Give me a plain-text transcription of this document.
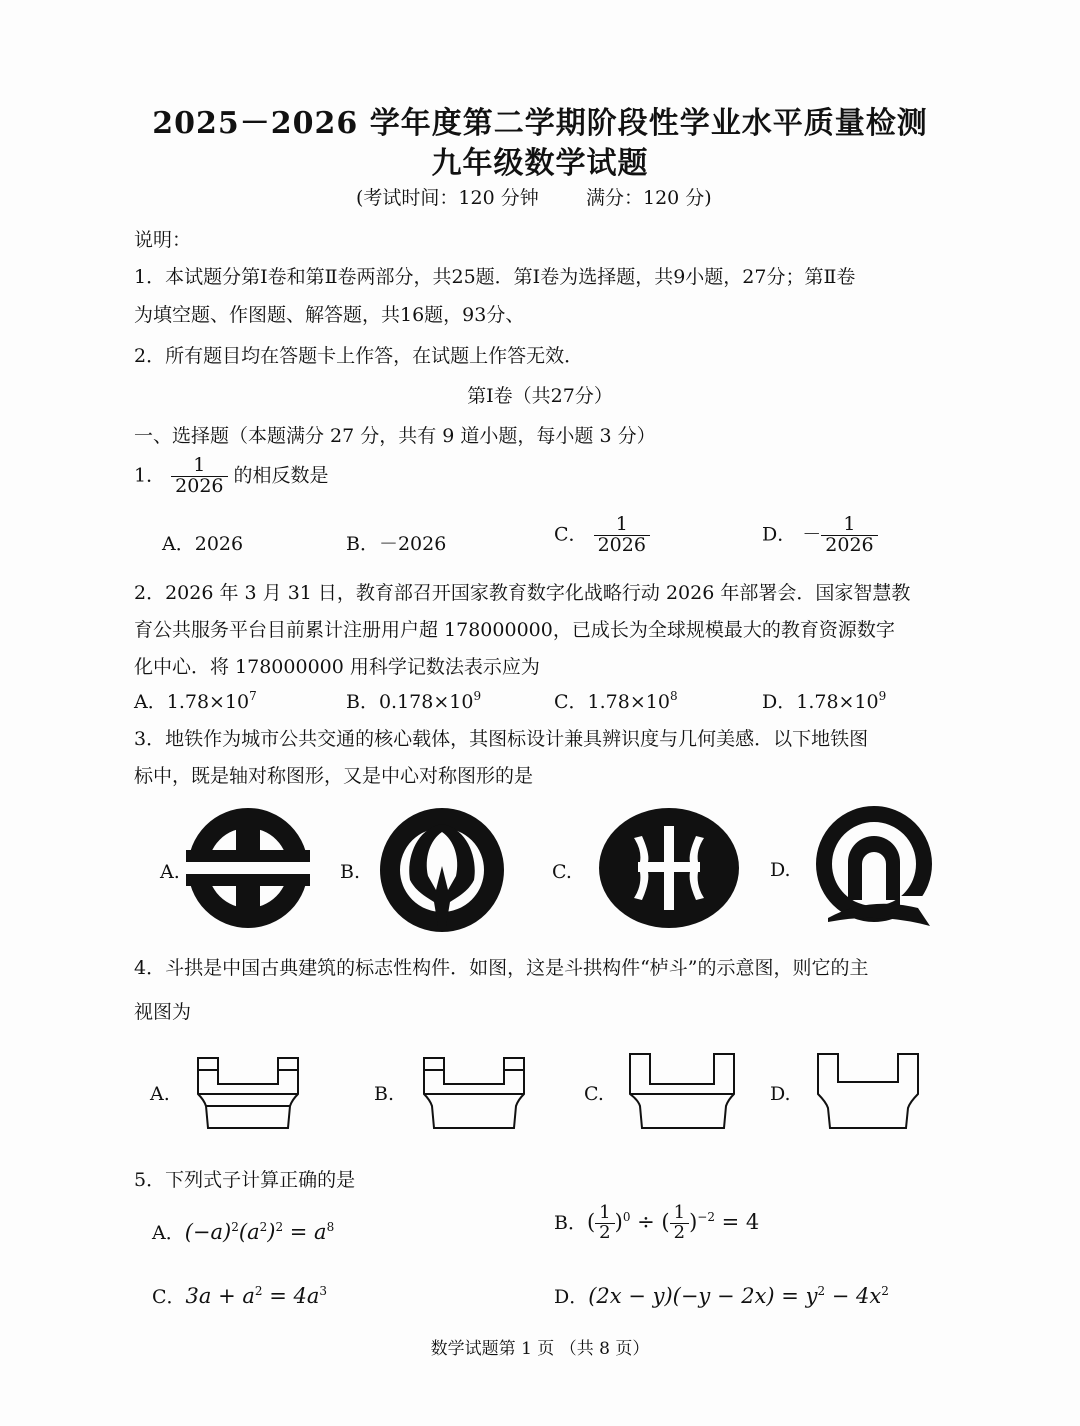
2025－2026 学年度第二学期阶段性学业水平质量检测
九年级数学试题
(考试时间：120 分钟 满分：120 分)
说明：
1．本试题分第Ⅰ卷和第Ⅱ卷两部分，共25题．第Ⅰ卷为选择题，共9小题，27分；第Ⅱ卷
为填空题、作图题、解答题，共16题，93分、
2．所有题目均在答题卡上作答，在试题上作答无效．
第Ⅰ卷（共27分）
一、选择题（本题满分 27 分，共有 9 道小题，每小题 3 分）
1． $\frac{1}{2026}$ 的相反数是
A．2026	B．－2026	C． $\frac{1}{2026}$	D． － $\frac{1}{2026}$
2．2026 年 3 月 31 日，教育部召开国家教育数字化战略行动 2026 年部署会．国家智慧教
育公共服务平台目前累计注册用户超 178000000，已成长为全球规模最大的教育资源数字
化中心．将 178000000 用科学记数法表示应为
A．$1.78\times 10^7$	B．$0.178\times 10^9$	C．$1.78\times 10^8$	D．$1.78\times 10^9$
3．地铁作为城市公共交通的核心载体，其图标设计兼具辨识度与几何美感．以下地铁图
标中，既是轴对称图形，又是中心对称图形的是
A.	B.	C.	D.
4．斗拱是中国古典建筑的标志性构件．如图，这是斗拱构件“栌斗”的示意图，则它的主
视图为
A.	B.	C.	D.
5．下列式子计算正确的是
A．$(-a)^2(a^2)^2 = a^8$	B．( $\frac{1}{2} )^0$ ÷ ( $\frac{1}{2} )^{-2} = 4$
C．$3a + a^2 = 4a^3$	D．$(2x - y)(-y - 2x) = y^2 - 4x^2$
数学试题第 1 页 （共 8 页）
